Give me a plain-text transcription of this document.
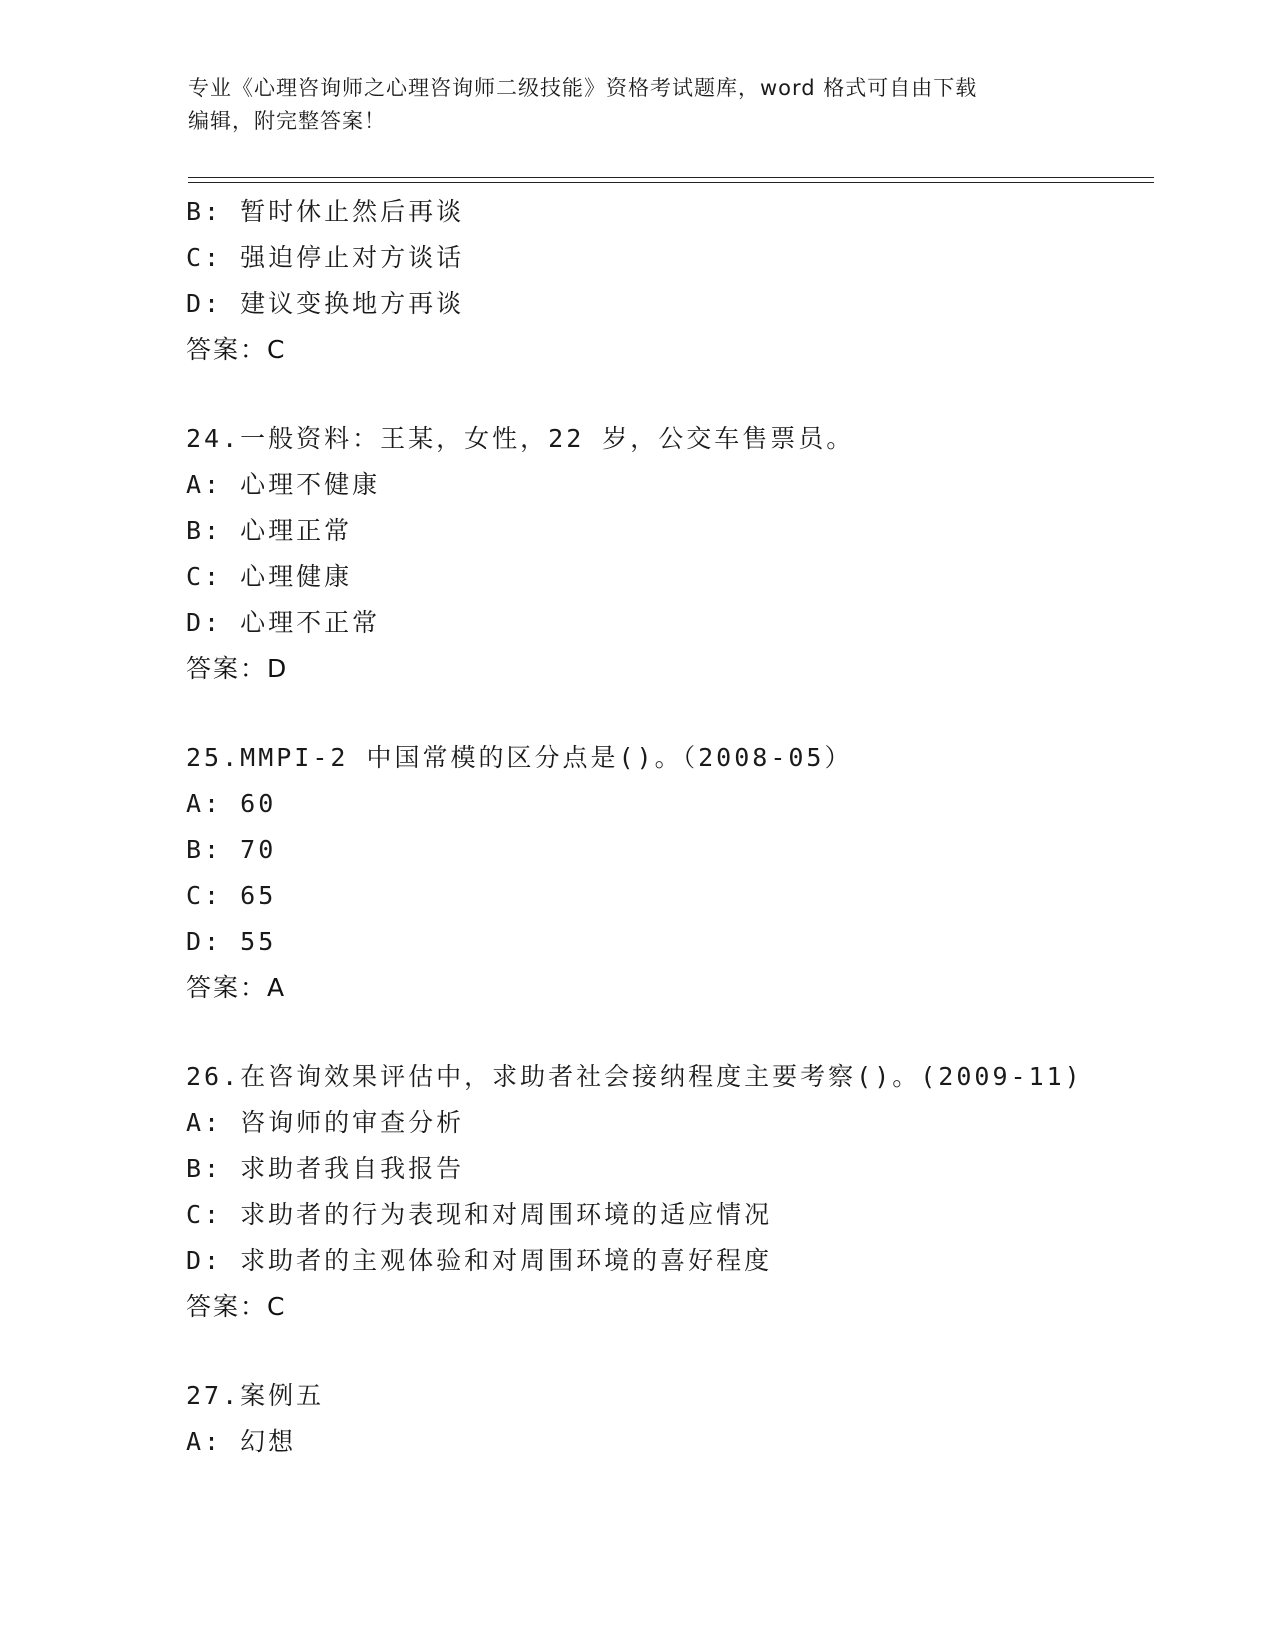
专业《心理咨询师之心理咨询师二级技能》资格考试题库，word 格式可自由下载
编辑，附完整答案！
B: 暂时休止然后再谈
C: 强迫停止对方谈话
D: 建议变换地方再谈
答案：C
24.一般资料：王某，女性，22 岁，公交车售票员。
A: 心理不健康
B: 心理正常
C: 心理健康
D: 心理不正常
答案：D
25.MMPI-2 中国常模的区分点是()。（2008-05）
A: 60
B: 70
C: 65
D: 55
答案：A
26.在咨询效果评估中，求助者社会接纳程度主要考察()。(2009-11)
A: 咨询师的审查分析
B: 求助者我自我报告
C: 求助者的行为表现和对周围环境的适应情况
D: 求助者的主观体验和对周围环境的喜好程度
答案：C
27.案例五
A: 幻想
